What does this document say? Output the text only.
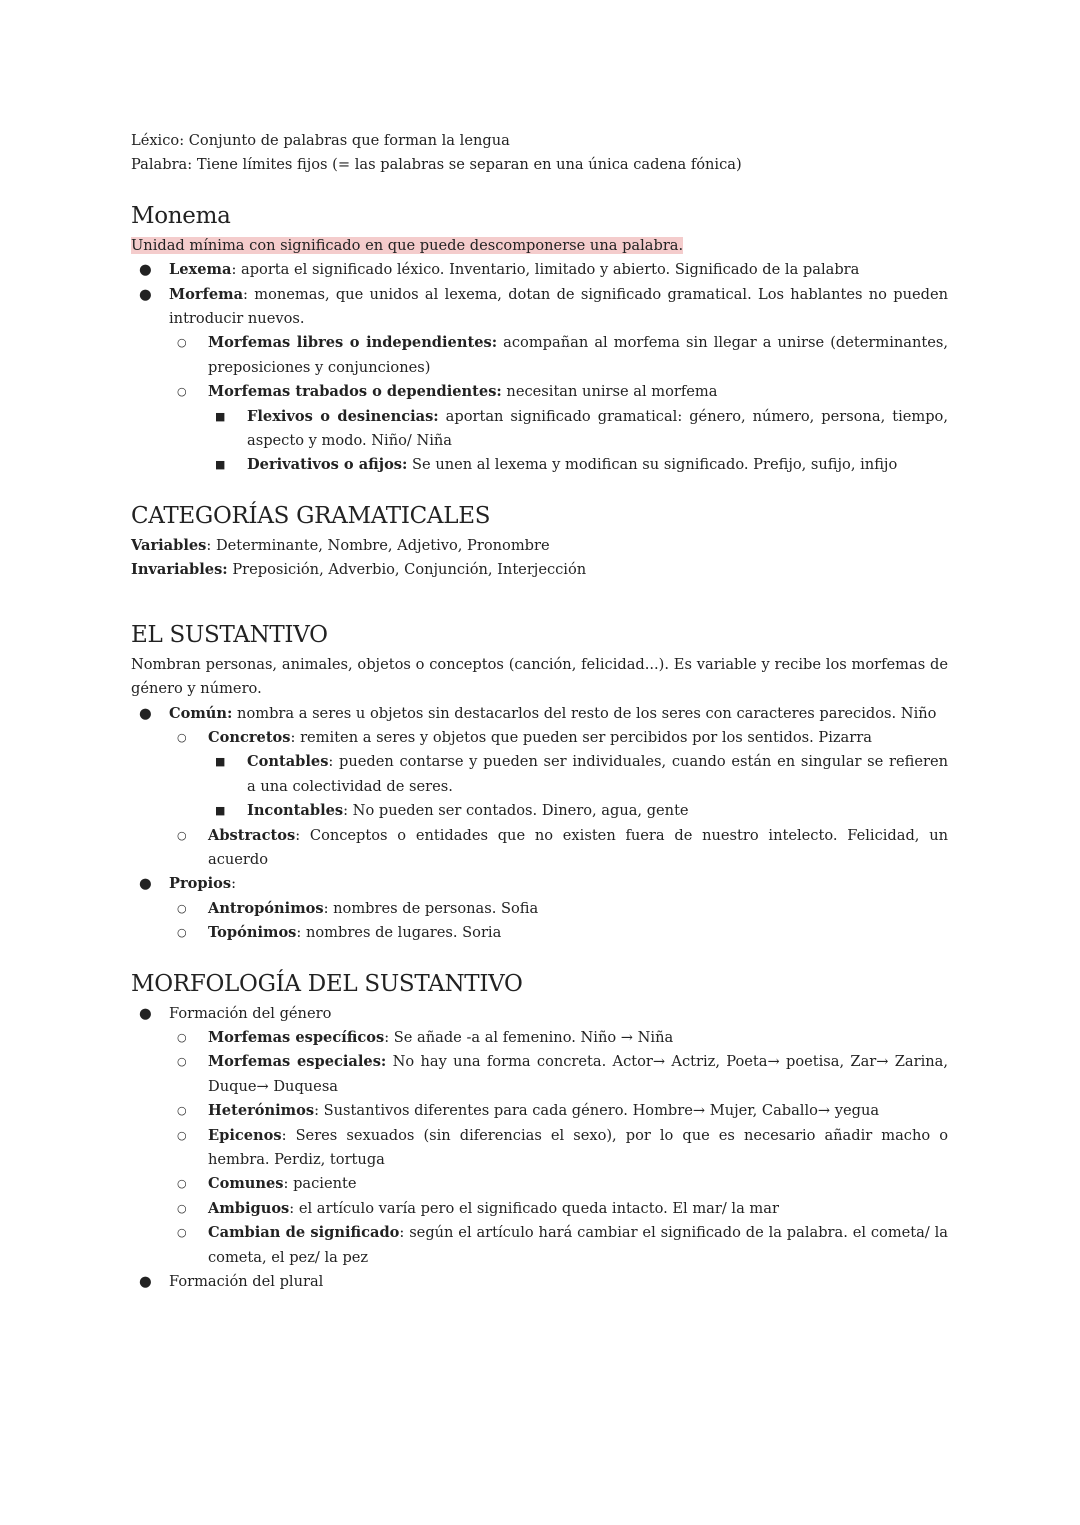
Léxico: Conjunto de palabras que forman la lengua

Palabra: Tiene límites fijos (= las palabras se separan en una única cadena fónica)

Monema

Unidad mínima con significado en que puede descomponerse una palabra.

● Lexema: aporta el significado léxico. Inventario, limitado y abierto. Significado de la palabra
● Morfema: monemas, que unidos al lexema, dotan de significado gramatical. Los hablantes no pueden introducir nuevos.
○ Morfemas libres o independientes: acompañan al morfema sin llegar a unirse (determinantes, preposiciones y conjunciones)
○ Morfemas trabados o dependientes: necesitan unirse al morfema
■ Flexivos o desinencias: aportan significado gramatical: género, número, persona, tiempo, aspecto y modo. Niño/ Niña
■ Derivativos o afijos: Se unen al lexema y modifican su significado. Prefijo, sufijo, infijo
CATEGORÍAS GRAMATICALES

Variables: Determinante, Nombre, Adjetivo, Pronombre

Invariables: Preposición, Adverbio, Conjunción, Interjección

EL SUSTANTIVO

Nombran personas, animales, objetos o conceptos (canción, felicidad...). Es variable y recibe los morfemas de género y número.

● Común: nombra a seres u objetos sin destacarlos del resto de los seres con caracteres parecidos. Niño
○ Concretos: remiten a seres y objetos que pueden ser percibidos por los sentidos. Pizarra
■ Contables: pueden contarse y pueden ser individuales, cuando están en singular se refieren a una colectividad de seres.
■ Incontables: No pueden ser contados. Dinero, agua, gente
○ Abstractos: Conceptos o entidades que no existen fuera de nuestro intelecto. Felicidad, un acuerdo
● Propios:
○ Antropónimos: nombres de personas. Sofia
○ Topónimos: nombres de lugares. Soria
MORFOLOGÍA DEL SUSTANTIVO
● Formación del género
○ Morfemas específicos: Se añade -a al femenino. Niño → Niña
○ Morfemas especiales: No hay una forma concreta. Actor→ Actriz, Poeta→ poetisa, Zar→ Zarina, Duque→ Duquesa
○ Heterónimos: Sustantivos diferentes para cada género. Hombre→ Mujer, Caballo→ yegua
○ Epicenos: Seres sexuados (sin diferencias el sexo), por lo que es necesario añadir macho o hembra. Perdiz, tortuga
○ Comunes: paciente
○ Ambiguos: el artículo varía pero el significado queda intacto. El mar/ la mar
○ Cambian de significado: según el artículo hará cambiar el significado de la palabra. el cometa/ la cometa, el pez/ la pez
● Formación del plural
